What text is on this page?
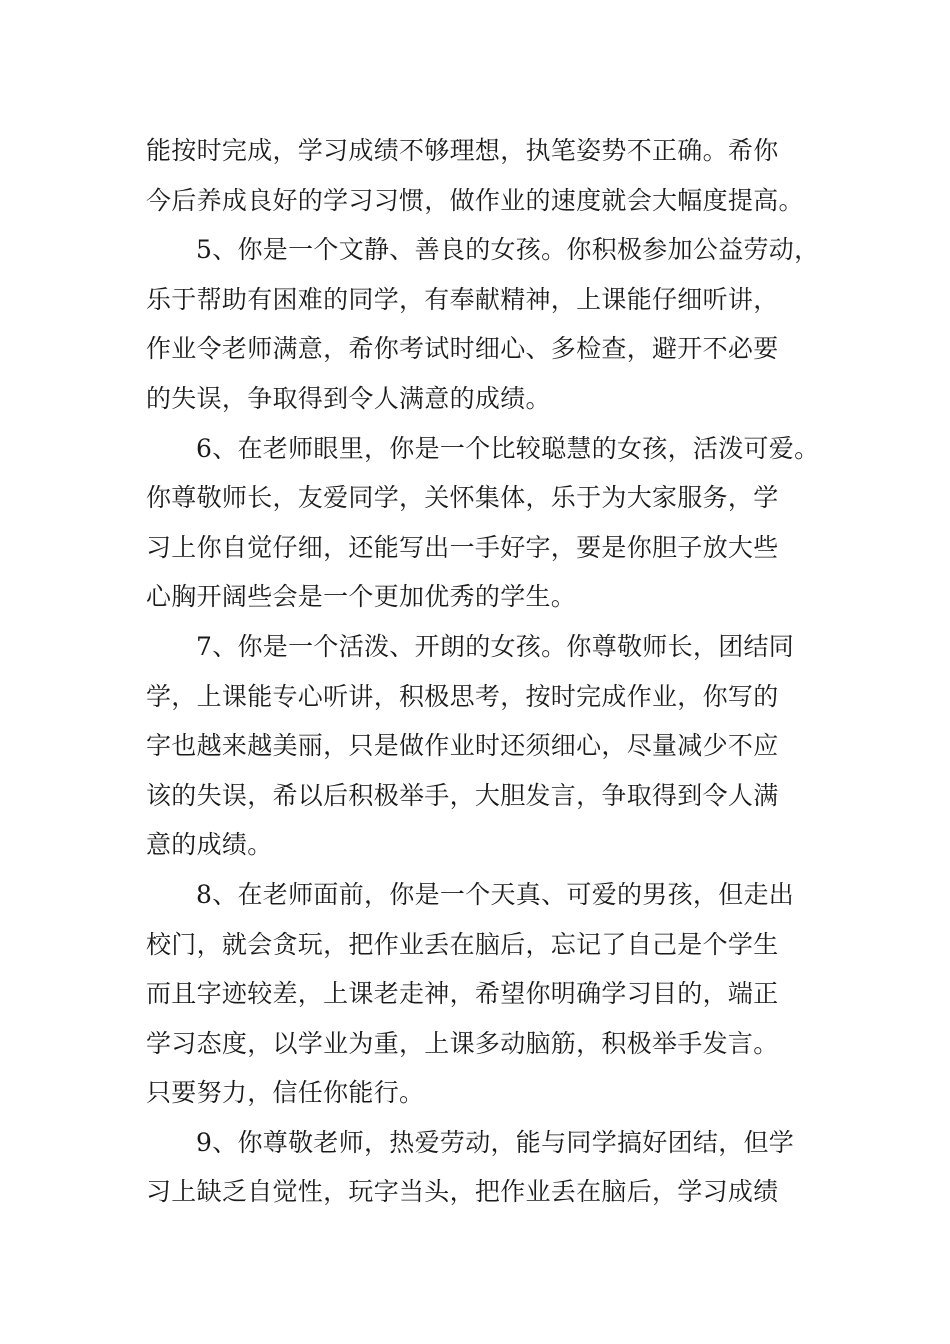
能按时完成，学习成绩不够理想，执笔姿势不正确。希你
今后养成良好的学习习惯，做作业的速度就会大幅度提高。
5、你是一个文静、善良的女孩。你积极参加公益劳动，
乐于帮助有困难的同学，有奉献精神，上课能仔细听讲，
作业令老师满意，希你考试时细心、多检查，避开不必要
的失误，争取得到令人满意的成绩。
6、在老师眼里，你是一个比较聪慧的女孩，活泼可爱。
你尊敬师长，友爱同学，关怀集体，乐于为大家服务，学
习上你自觉仔细，还能写出一手好字，要是你胆子放大些
心胸开阔些会是一个更加优秀的学生。
7、你是一个活泼、开朗的女孩。你尊敬师长，团结同
学，上课能专心听讲，积极思考，按时完成作业，你写的
字也越来越美丽，只是做作业时还须细心，尽量减少不应
该的失误，希以后积极举手，大胆发言，争取得到令人满
意的成绩。
8、在老师面前，你是一个天真、可爱的男孩，但走出
校门，就会贪玩，把作业丢在脑后，忘记了自己是个学生
而且字迹较差，上课老走神，希望你明确学习目的，端正
学习态度，以学业为重，上课多动脑筋，积极举手发言。
只要努力，信任你能行。
9、你尊敬老师，热爱劳动，能与同学搞好团结，但学
习上缺乏自觉性，玩字当头，把作业丢在脑后，学习成绩
